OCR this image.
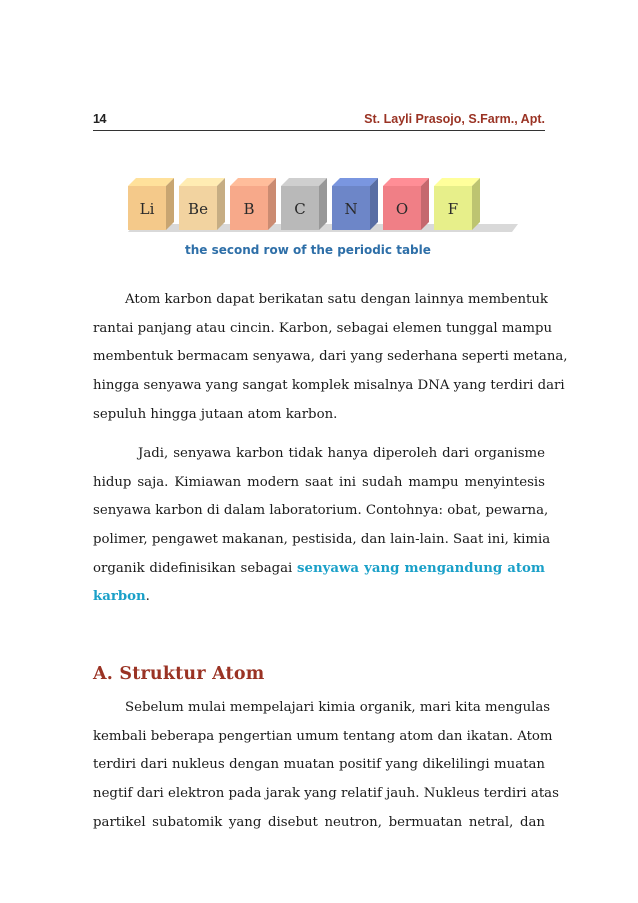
14	St. Layli Prasojo, S.Farm., Apt.
Li Be B	C	N	O	F
the second row of the periodic table
Atom karbon dapat berikatan satu dengan lainnya membentuk
rantai panjang atau cincin. Karbon, sebagai elemen tunggal mampu
membentuk bermacam senyawa, dari yang sederhana seperti metana,
hingga senyawa yang sangat komplek misalnya DNA yang terdiri dari
sepuluh hingga jutaan atom karbon.
Jadi, senyawa karbon tidak hanya diperoleh dari organisme
hidup saja. Kimiawan modern saat ini sudah mampu menyintesis
senyawa karbon di dalam laboratorium. Contohnya: obat, pewarna,
polimer, pengawet makanan, pestisida, dan lain-lain. Saat ini, kimia
organik didefinisikan sebagai senyawa yang mengandung atom
karbon.
A. Struktur Atom
Sebelum mulai mempelajari kimia organik, mari kita mengulas
kembali beberapa pengertian umum tentang atom dan ikatan. Atom
terdiri dari nukleus dengan muatan positif yang dikelilingi muatan
negtif dari elektron pada jarak yang relatif jauh. Nukleus terdiri atas
partikel subatomik yang disebut neutron, bermuatan netral, dan
